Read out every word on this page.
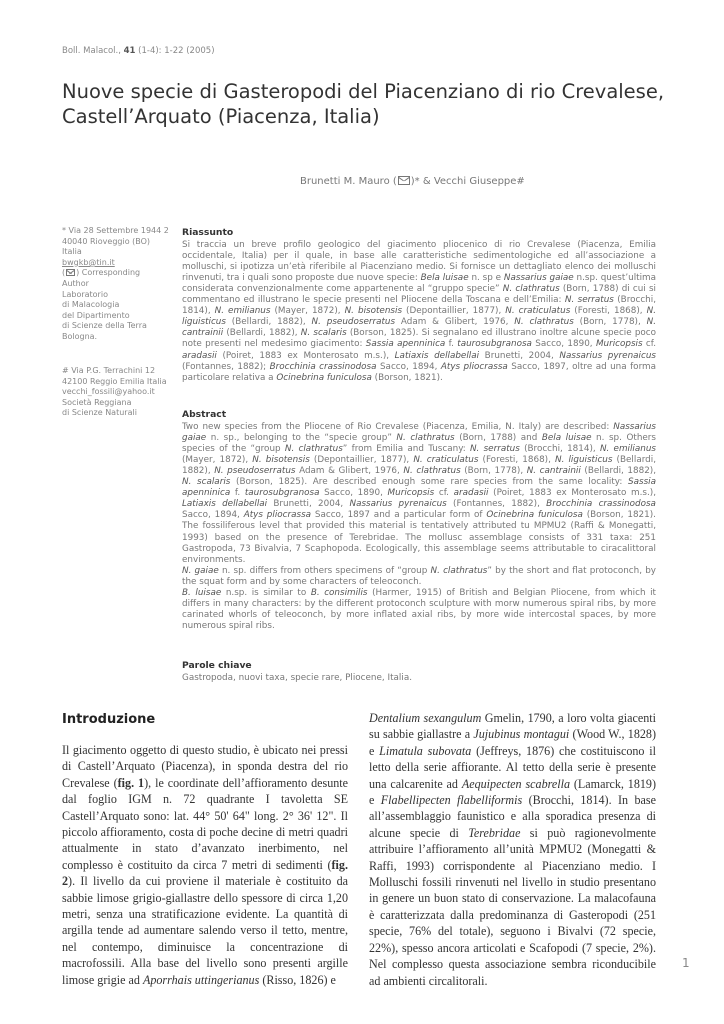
Boll. Malacol., 41 (1-4): 1-22 (2005)
Nuove specie di Gasteropodi del Piacenziano di rio Crevalese, Castell’Arquato (Piacenza, Italia)
Brunetti M. Mauro ( )* & Vecchi Giuseppe#
* Via 28 Settembre 1944 2
40040 Rioveggio (BO)
Italia
bwgkb@tin.it
( ) Corresponding
Author
Laboratorio
di Malacologia
del Dipartimento
di Scienze della Terra
Bologna.
# Via P.G. Terrachini 12
42100 Reggio Emilia Italia
vecchi_fossili@yahoo.it
Società Reggiana
di Scienze Naturali
Riassunto

Si traccia un breve profilo geologico del giacimento pliocenico di rio Crevalese (Piacenza, Emilia occidentale, Italia) per il quale, in base alle caratteristiche sedimentologiche ed all’associazione a molluschi, si ipotizza un’età riferibile al Piacenziano medio. Si fornisce un dettagliato elenco dei molluschi rinvenuti, tra i quali sono proposte due nuove specie: Bela luisae n. sp e Nassarius gaiae n.sp. quest’ultima considerata convenzionalmente come appartenente al “gruppo specie” N. clathratus (Born, 1788) di cui si commentano ed illustrano le specie presenti nel Pliocene della Toscana e dell’Emilia: N. serratus (Brocchi, 1814), N. emilianus (Mayer, 1872), N. bisotensis (Depontaillier, 1877), N. craticulatus (Foresti, 1868), N. liguisticus (Bellardi, 1882), N. pseudoserratus Adam & Glibert, 1976, N. clathratus (Born, 1778), N. cantrainii (Bellardi, 1882), N. scalaris (Borson, 1825). Si segnalano ed illustrano inoltre alcune specie poco note presenti nel medesimo giacimento: Sassia apenninica f. taurosubgranosa Sacco, 1890, Muricopsis cf. aradasii (Poiret, 1883 ex Monterosato m.s.), Latiaxis dellabellai Brunetti, 2004, Nassarius pyrenaicus (Fontannes, 1882); Brocchinia crassinodosa Sacco, 1894, Atys pliocrassa Sacco, 1897, oltre ad una forma particolare relativa a Ocinebrina funiculosa (Borson, 1821).

Abstract

Two new species from the Pliocene of Rio Crevalese (Piacenza, Emilia, N. Italy) are described: Nassarius gaiae n. sp., belonging to the “specie group” N. clathratus (Born, 1788) and Bela luisae n. sp. Others species of the “group N. clathratus” from Emilia and Tuscany: N. serratus (Brocchi, 1814), N. emilianus (Mayer, 1872), N. bisotensis (Depontaillier, 1877), N. craticulatus (Foresti, 1868), N. liguisticus (Bellardi, 1882), N. pseudoserratus Adam & Glibert, 1976, N. clathratus (Born, 1778), N. cantrainii (Bellardi, 1882), N. scalaris (Borson, 1825). Are described enough some rare species from the same locality: Sassia apenninica f. taurosubgranosa Sacco, 1890, Muricopsis cf. aradasii (Poiret, 1883 ex Monterosato m.s.), Latiaxis dellabellai Brunetti, 2004, Nassarius pyrenaicus (Fontannes, 1882), Brocchinia crassinodosa Sacco, 1894, Atys pliocrassa Sacco, 1897 and a particular form of Ocinebrina funiculosa (Borson, 1821). The fossiliferous level that provided this material is tentatively attributed tu MPMU2 (Raffi & Monegatti, 1993) based on the presence of Terebridae. The mollusc assemblage consists of 331 taxa: 251 Gastropoda, 73 Bivalvia, 7 Scaphopoda. Ecologically, this assemblage seems attributable to ciracalittoral environments.

N. gaiae n. sp. differs from others specimens of “group N. clathratus” by the short and flat protoconch, by the squat form and by some characters of teleoconch.

B. luisae n.sp. is similar to B. consimilis (Harmer, 1915) of British and Belgian Pliocene, from which it differs in many characters: by the different protoconch sculpture with morw numerous spiral ribs, by more carinated whorls of teleoconch, by more inflated axial ribs, by more wide intercostal spaces, by more numerous spiral ribs.

Parole chiave

Gastropoda, nuovi taxa, specie rare, Pliocene, Italia.

Introduzione
Il giacimento oggetto di questo studio, è ubicato nei pressi di Castell’Arquato (Piacenza), in sponda destra del rio Crevalese (fig. 1), le coordinate dell’affioramento desunte dal foglio IGM n. 72 quadrante I tavoletta SE Castell’Arquato sono: lat. 44° 50' 64" long. 2° 36' 12". Il piccolo affioramento, costa di poche decine di metri quadri attualmente in stato d’avanzato inerbimento, nel complesso è costituito da circa 7 metri di sedimenti (fig. 2). Il livello da cui proviene il materiale è costituito da sabbie limose grigio-giallastre dello spessore di circa 1,20 metri, senza una stratificazione evidente. La quantità di argilla tende ad aumentare salendo verso il tetto, mentre, nel contempo, diminuisce la concentrazione di macrofossili. Alla base del livello sono presenti argille limose grigie ad Aporrhais uttingerianus (Risso, 1826) e
Dentalium sexangulum Gmelin, 1790, a loro volta giacenti su sabbie giallastre a Jujubinus montagui (Wood W., 1828) e Limatula subovata (Jeffreys, 1876) che costituiscono il letto della serie affiorante. Al tetto della serie è presente una calcarenite ad Aequipecten scabrella (Lamarck, 1819) e Flabellipecten flabelliformis (Brocchi, 1814). In base all’assemblaggio faunistico e alla sporadica presenza di alcune specie di Terebridae si può ragionevolmente attribuire l’affioramento all’unità MPMU2 (Monegatti & Raffi, 1993) corrispondente al Piacenziano medio. I Molluschi fossili rinvenuti nel livello in studio presentano in genere un buon stato di conservazione. La malacofauna è caratterizzata dalla predominanza di Gasteropodi (251 specie, 76% del totale), seguono i Bivalvi (72 specie, 22%), spesso ancora articolati e Scafopodi (7 specie, 2%). Nel complesso questa associazione sembra riconducibile ad ambienti circalitorali.
1
